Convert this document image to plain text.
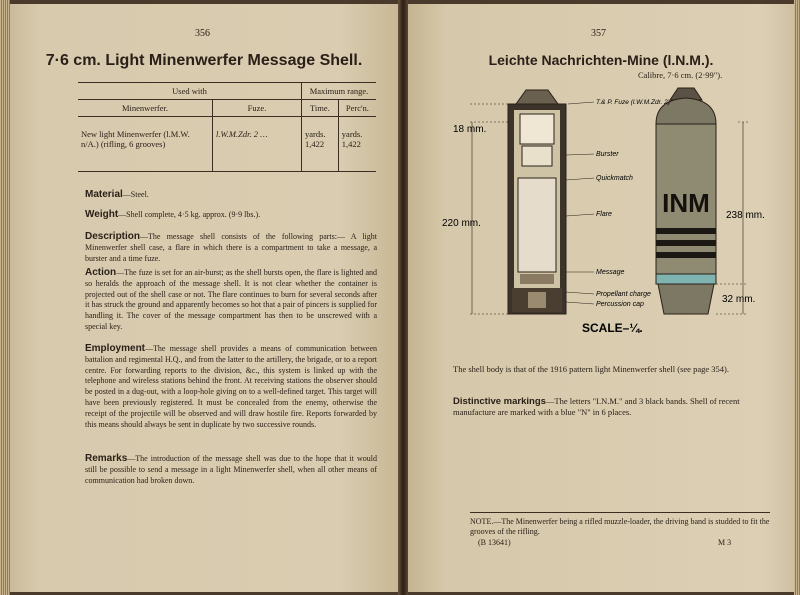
356
7·6 cm. Light Minenwerfer Message Shell.
Used with		Maximum range.	
Minenwerfer.	Fuze.	Time.	Perc'n.
New light Minenwerfer (l.M.W. n/A.) (rifling, 6 grooves)	l.W.M.Zdr. 2 …	yards. 1,422	yards. 1,422
Material—Steel.
Weight—Shell complete, 4·5 kg. approx. (9·9 lbs.).
Description—The message shell consists of the following parts:— A light Minenwerfer shell case, a flare in which there is a compartment to take a message, a burster and a time fuze.
Action—The fuze is set for an air-burst; as the shell bursts open, the flare is lighted and so heralds the approach of the message shell. It is not clear whether the container is projected out of the shell case or not. The flare continues to burn for several seconds after it has struck the ground and apparently becomes so hot that a pair of pincers is supplied for handling it. The cover of the message compartment has then to be unscrewed with a special key.
Employment—The message shell provides a means of communication between battalion and regimental H.Q., and from the latter to the artillery, the brigade, or to a report centre. For forwarding reports to the division, &c., this system is linked up with the telephone and wireless stations behind the front. At receiving stations the observer should be posted in a dug-out, with a loop-hole giving on to a well-defined target. This target will have been previously registered. It must be concealed from the enemy, otherwise the receipt of the projectile will be observed and will draw hostile fire. Reports forwarded by this means should always be sent in duplicate by two successive rounds.
Remarks—The introduction of the message shell was due to the hope that it would still be possible to send a message in a light Minenwerfer shell, when all other means of communication had broken down.
357
Leichte Nachrichten-Mine (l.N.M.).
Calibre, 7·6 cm. (2·99").
INM
18 mm.
220 mm.
238 mm.
32 mm.
T.& P. Fuze (l.W.M.Zdr. 2)
Burster
Quickmatch
Flare
Message
Propellant charge
Percussion cap
SCALE–¼.
The shell body is that of the 1916 pattern light Minenwerfer shell (see page 354).
Distinctive markings—The letters "I.N.M." and 3 black bands. Shell of recent manufacture are marked with a blue "N" in 6 places.
NOTE.—The Minenwerfer being a rifled muzzle-loader, the driving band is studded to fit the grooves of the rifling.
(B 13641)	M 3
